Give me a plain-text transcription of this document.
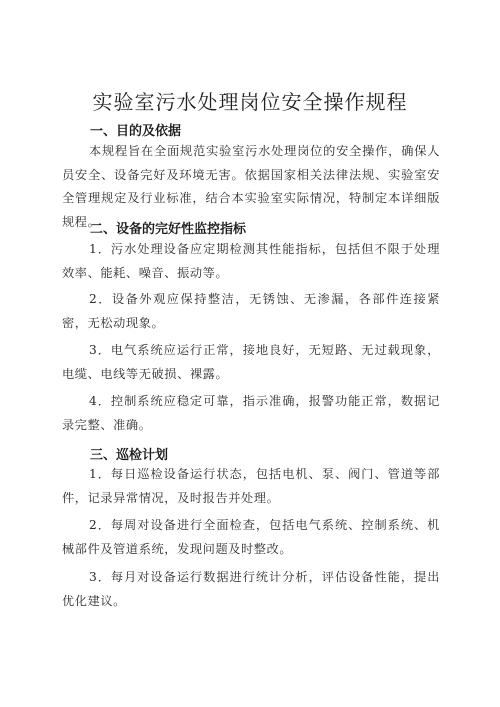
实验室污水处理岗位安全操作规程
一、目的及依据
本规程旨在全面规范实验室污水处理岗位的安全操作，确保人员安全、设备完好及环境无害。依据国家相关法律法规、实验室安全管理规定及行业标准，结合本实验室实际情况，特制定本详细版规程。
二、设备的完好性监控指标
1．污水处理设备应定期检测其性能指标，包括但不限于处理效率、能耗、噪音、振动等。
2．设备外观应保持整洁，无锈蚀、无渗漏，各部件连接紧密，无松动现象。
3．电气系统应运行正常，接地良好，无短路、无过载现象，电缆、电线等无破损、裸露。
4．控制系统应稳定可靠，指示准确，报警功能正常，数据记录完整、准确。
三、巡检计划
1．每日巡检设备运行状态，包括电机、泵、阀门、管道等部件，记录异常情况，及时报告并处理。
2．每周对设备进行全面检查，包括电气系统、控制系统、机械部件及管道系统，发现问题及时整改。
3．每月对设备运行数据进行统计分析，评估设备性能，提出优化建议。
